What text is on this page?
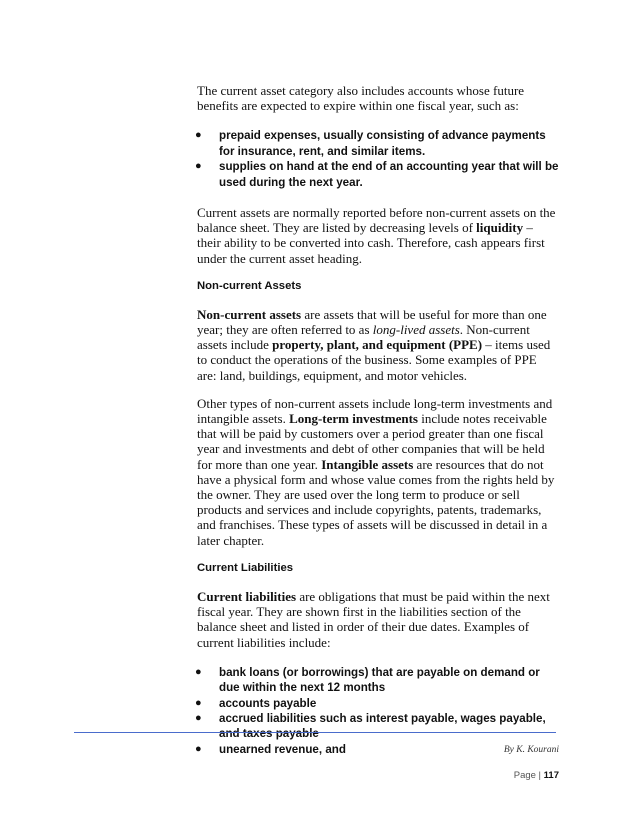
The current asset category also includes accounts whose future benefits are expected to expire within one fiscal year, such as:

● prepaid expenses, usually consisting of advance payments for insurance, rent, and similar items.
● supplies on hand at the end of an accounting year that will be used during the next year.

Current assets are normally reported before non-current assets on the balance sheet. They are listed by decreasing levels of liquidity – their ability to be converted into cash. Therefore, cash appears first under the current asset heading.

Non-current Assets

Non-current assets are assets that will be useful for more than one year; they are often referred to as long-lived assets. Non-current assets include property, plant, and equipment (PPE) – items used to conduct the operations of the business. Some examples of PPE are: land, buildings, equipment, and motor vehicles.

Other types of non-current assets include long-term investments and intangible assets. Long-term investments include notes receivable that will be paid by customers over a period greater than one fiscal year and investments and debt of other companies that will be held for more than one year. Intangible assets are resources that do not have a physical form and whose value comes from the rights held by the owner. They are used over the long term to produce or sell products and services and include copyrights, patents, trademarks, and franchises. These types of assets will be discussed in detail in a later chapter.

Current Liabilities

Current liabilities are obligations that must be paid within the next fiscal year. They are shown first in the liabilities section of the balance sheet and listed in order of their due dates. Examples of current liabilities include:

● bank loans (or borrowings) that are payable on demand or due within the next 12 months
● accounts payable
● accrued liabilities such as interest payable, wages payable, and taxes payable
● unearned revenue, and	By K. Kourani
Page | 117
